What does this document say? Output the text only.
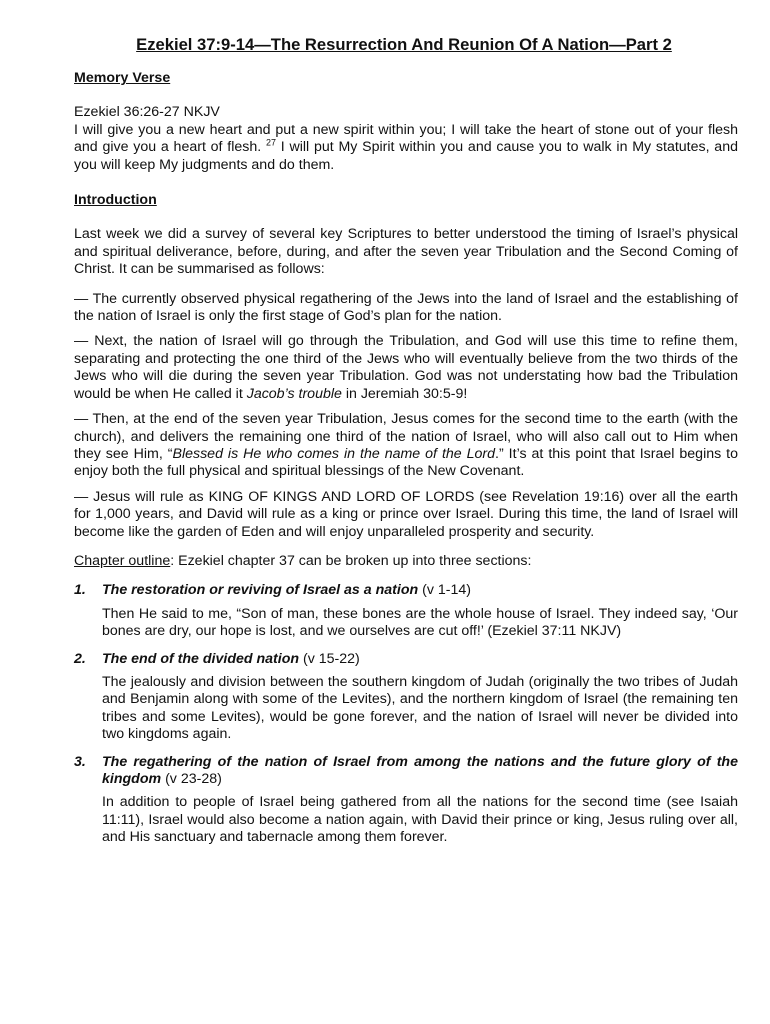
Ezekiel 37:9-14—The Resurrection And Reunion Of A Nation—Part 2
Memory Verse

Ezekiel 36:26-27 NKJV

I will give you a new heart and put a new spirit within you; I will take the heart of stone out of your flesh and give you a heart of flesh. $^{27}$ I will put My Spirit within you and cause you to walk in My statutes, and you will keep My judgments and do them.

Introduction

Last week we did a survey of several key Scriptures to better understood the timing of Israel’s physical and spiritual deliverance, before, during, and after the seven year Tribulation and the Second Coming of Christ. It can be summarised as follows:

— The currently observed physical regathering of the Jews into the land of Israel and the establishing of the nation of Israel is only the first stage of God’s plan for the nation.

— Next, the nation of Israel will go through the Tribulation, and God will use this time to refine them, separating and protecting the one third of the Jews who will eventually believe from the two thirds of the Jews who will die during the seven year Tribulation. God was not understating how bad the Tribulation would be when He called it Jacob’s trouble in Jeremiah 30:5-9!

— Then, at the end of the seven year Tribulation, Jesus comes for the second time to the earth (with the church), and delivers the remaining one third of the nation of Israel, who will also call out to Him when they see Him, “Blessed is He who comes in the name of the Lord.” It’s at this point that Israel begins to enjoy both the full physical and spiritual blessings of the New Covenant.

— Jesus will rule as KING OF KINGS AND LORD OF LORDS (see Revelation 19:16) over all the earth for 1,000 years, and David will rule as a king or prince over Israel. During this time, the land of Israel will become like the garden of Eden and will enjoy unparalleled prosperity and security.

Chapter outline: Ezekiel chapter 37 can be broken up into three sections:

1. The restoration or reviving of Israel as a nation (v 1-14)
Then He said to me, “Son of man, these bones are the whole house of Israel. They indeed say, ‘Our bones are dry, our hope is lost, and we ourselves are cut off!’ (Ezekiel 37:11 NKJV)
2. The end of the divided nation (v 15-22)
The jealously and division between the southern kingdom of Judah (originally the two tribes of Judah and Benjamin along with some of the Levites), and the northern kingdom of Israel (the remaining ten tribes and some Levites), would be gone forever, and the nation of Israel will never be divided into two kingdoms again.
3. The regathering of the nation of Israel from among the nations and the future glory of the kingdom (v 23-28)
In addition to people of Israel being gathered from all the nations for the second time (see Isaiah 11:11), Israel would also become a nation again, with David their prince or king, Jesus ruling over all, and His sanctuary and tabernacle among them forever.
